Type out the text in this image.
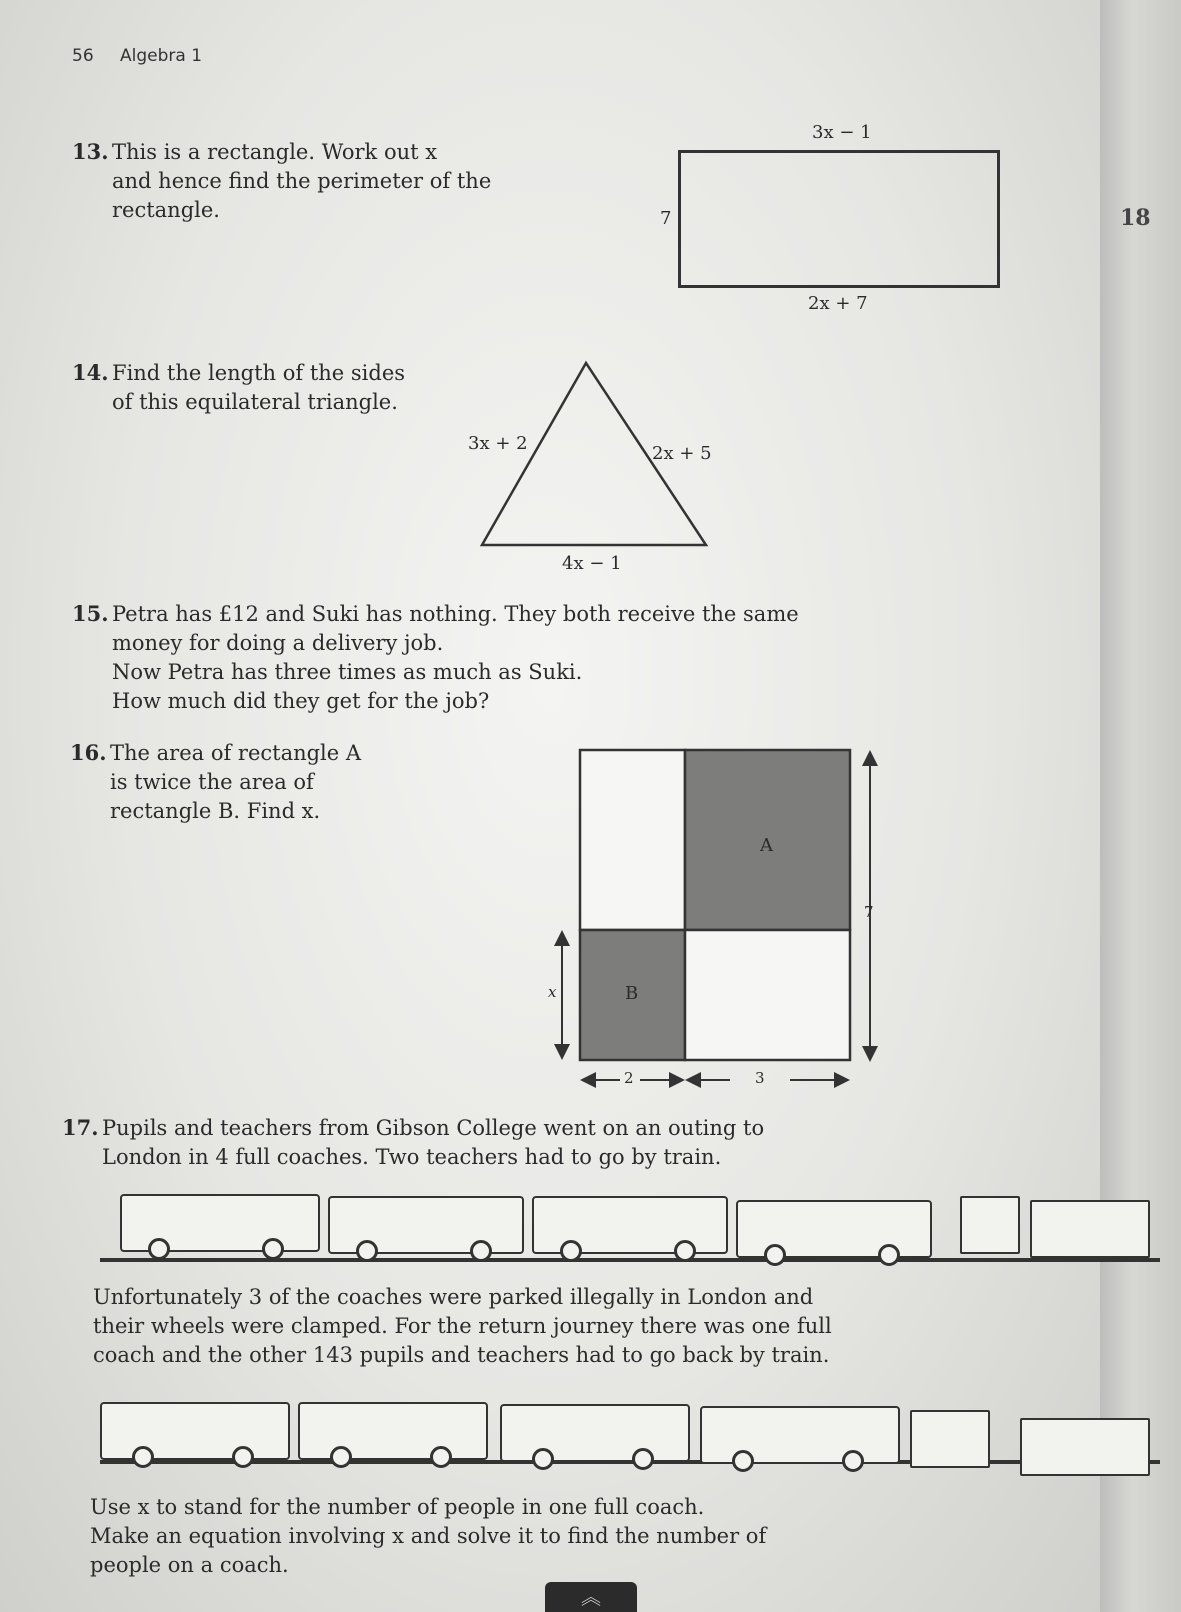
18
56 Algebra 1
13. This is a rectangle. Work out x
and hence find the perimeter of the
rectangle.
3x − 1
7
2x + 7
14. Find the length of the sides
of this equilateral triangle.
3x + 2	2x + 5
4x − 1
15. Petra has £12 and Suki has nothing. They both receive the same
money for doing a delivery job.
Now Petra has three times as much as Suki.
How much did they get for the job?
16. The area of rectangle A
is twice the area of
rectangle B. Find x.
A
B
x
7
2	3
17. Pupils and teachers from Gibson College went on an outing to
London in 4 full coaches. Two teachers had to go by train.
Unfortunately 3 of the coaches were parked illegally in London and
their wheels were clamped. For the return journey there was one full
coach and the other 143 pupils and teachers had to go back by train.
Use x to stand for the number of people in one full coach.
Make an equation involving x and solve it to find the number of
people on a coach.
︽
